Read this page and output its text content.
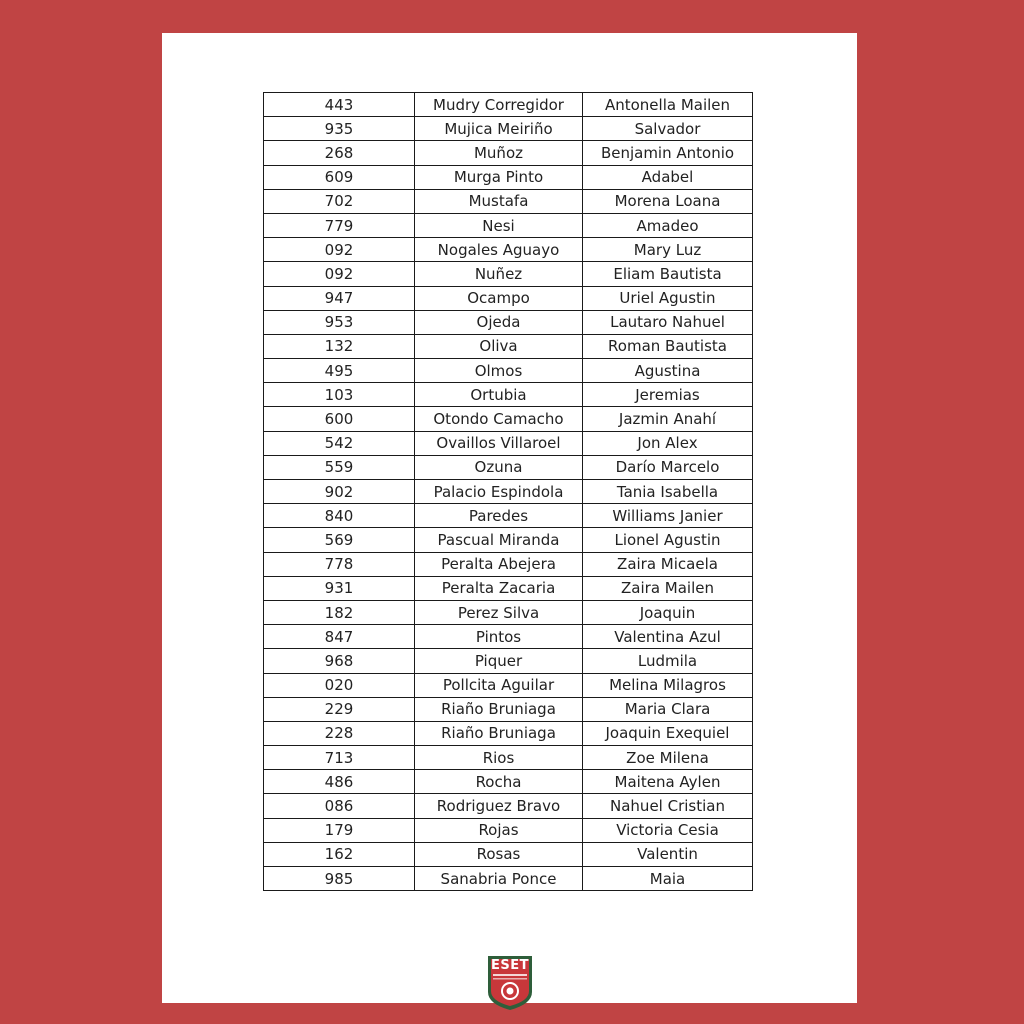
443	Mudry Corregidor	Antonella Mailen
935	Mujica Meiriño	Salvador
268	Muñoz	Benjamin Antonio
609	Murga Pinto	Adabel
702	Mustafa	Morena Loana
779	Nesi	Amadeo
092	Nogales Aguayo	Mary Luz
092	Nuñez	Eliam Bautista
947	Ocampo	Uriel Agustin
953	Ojeda	Lautaro Nahuel
132	Oliva	Roman Bautista
495	Olmos	Agustina
103	Ortubia	Jeremias
600	Otondo Camacho	Jazmin Anahí
542	Ovaillos Villaroel	Jon Alex
559	Ozuna	Darío Marcelo
902	Palacio Espindola	Tania Isabella
840	Paredes	Williams Janier
569	Pascual Miranda	Lionel Agustin
778	Peralta Abejera	Zaira Micaela
931	Peralta Zacaria	Zaira Mailen
182	Perez Silva	Joaquin
847	Pintos	Valentina Azul
968	Piquer	Ludmila
020	Pollcita Aguilar	Melina Milagros
229	Riaño Bruniaga	Maria Clara
228	Riaño Bruniaga	Joaquin Exequiel
713	Rios	Zoe Milena
486	Rocha	Maitena Aylen
086	Rodriguez Bravo	Nahuel Cristian
179	Rojas	Victoria Cesia
162	Rosas	Valentin
985	Sanabria Ponce	Maia
ESET
